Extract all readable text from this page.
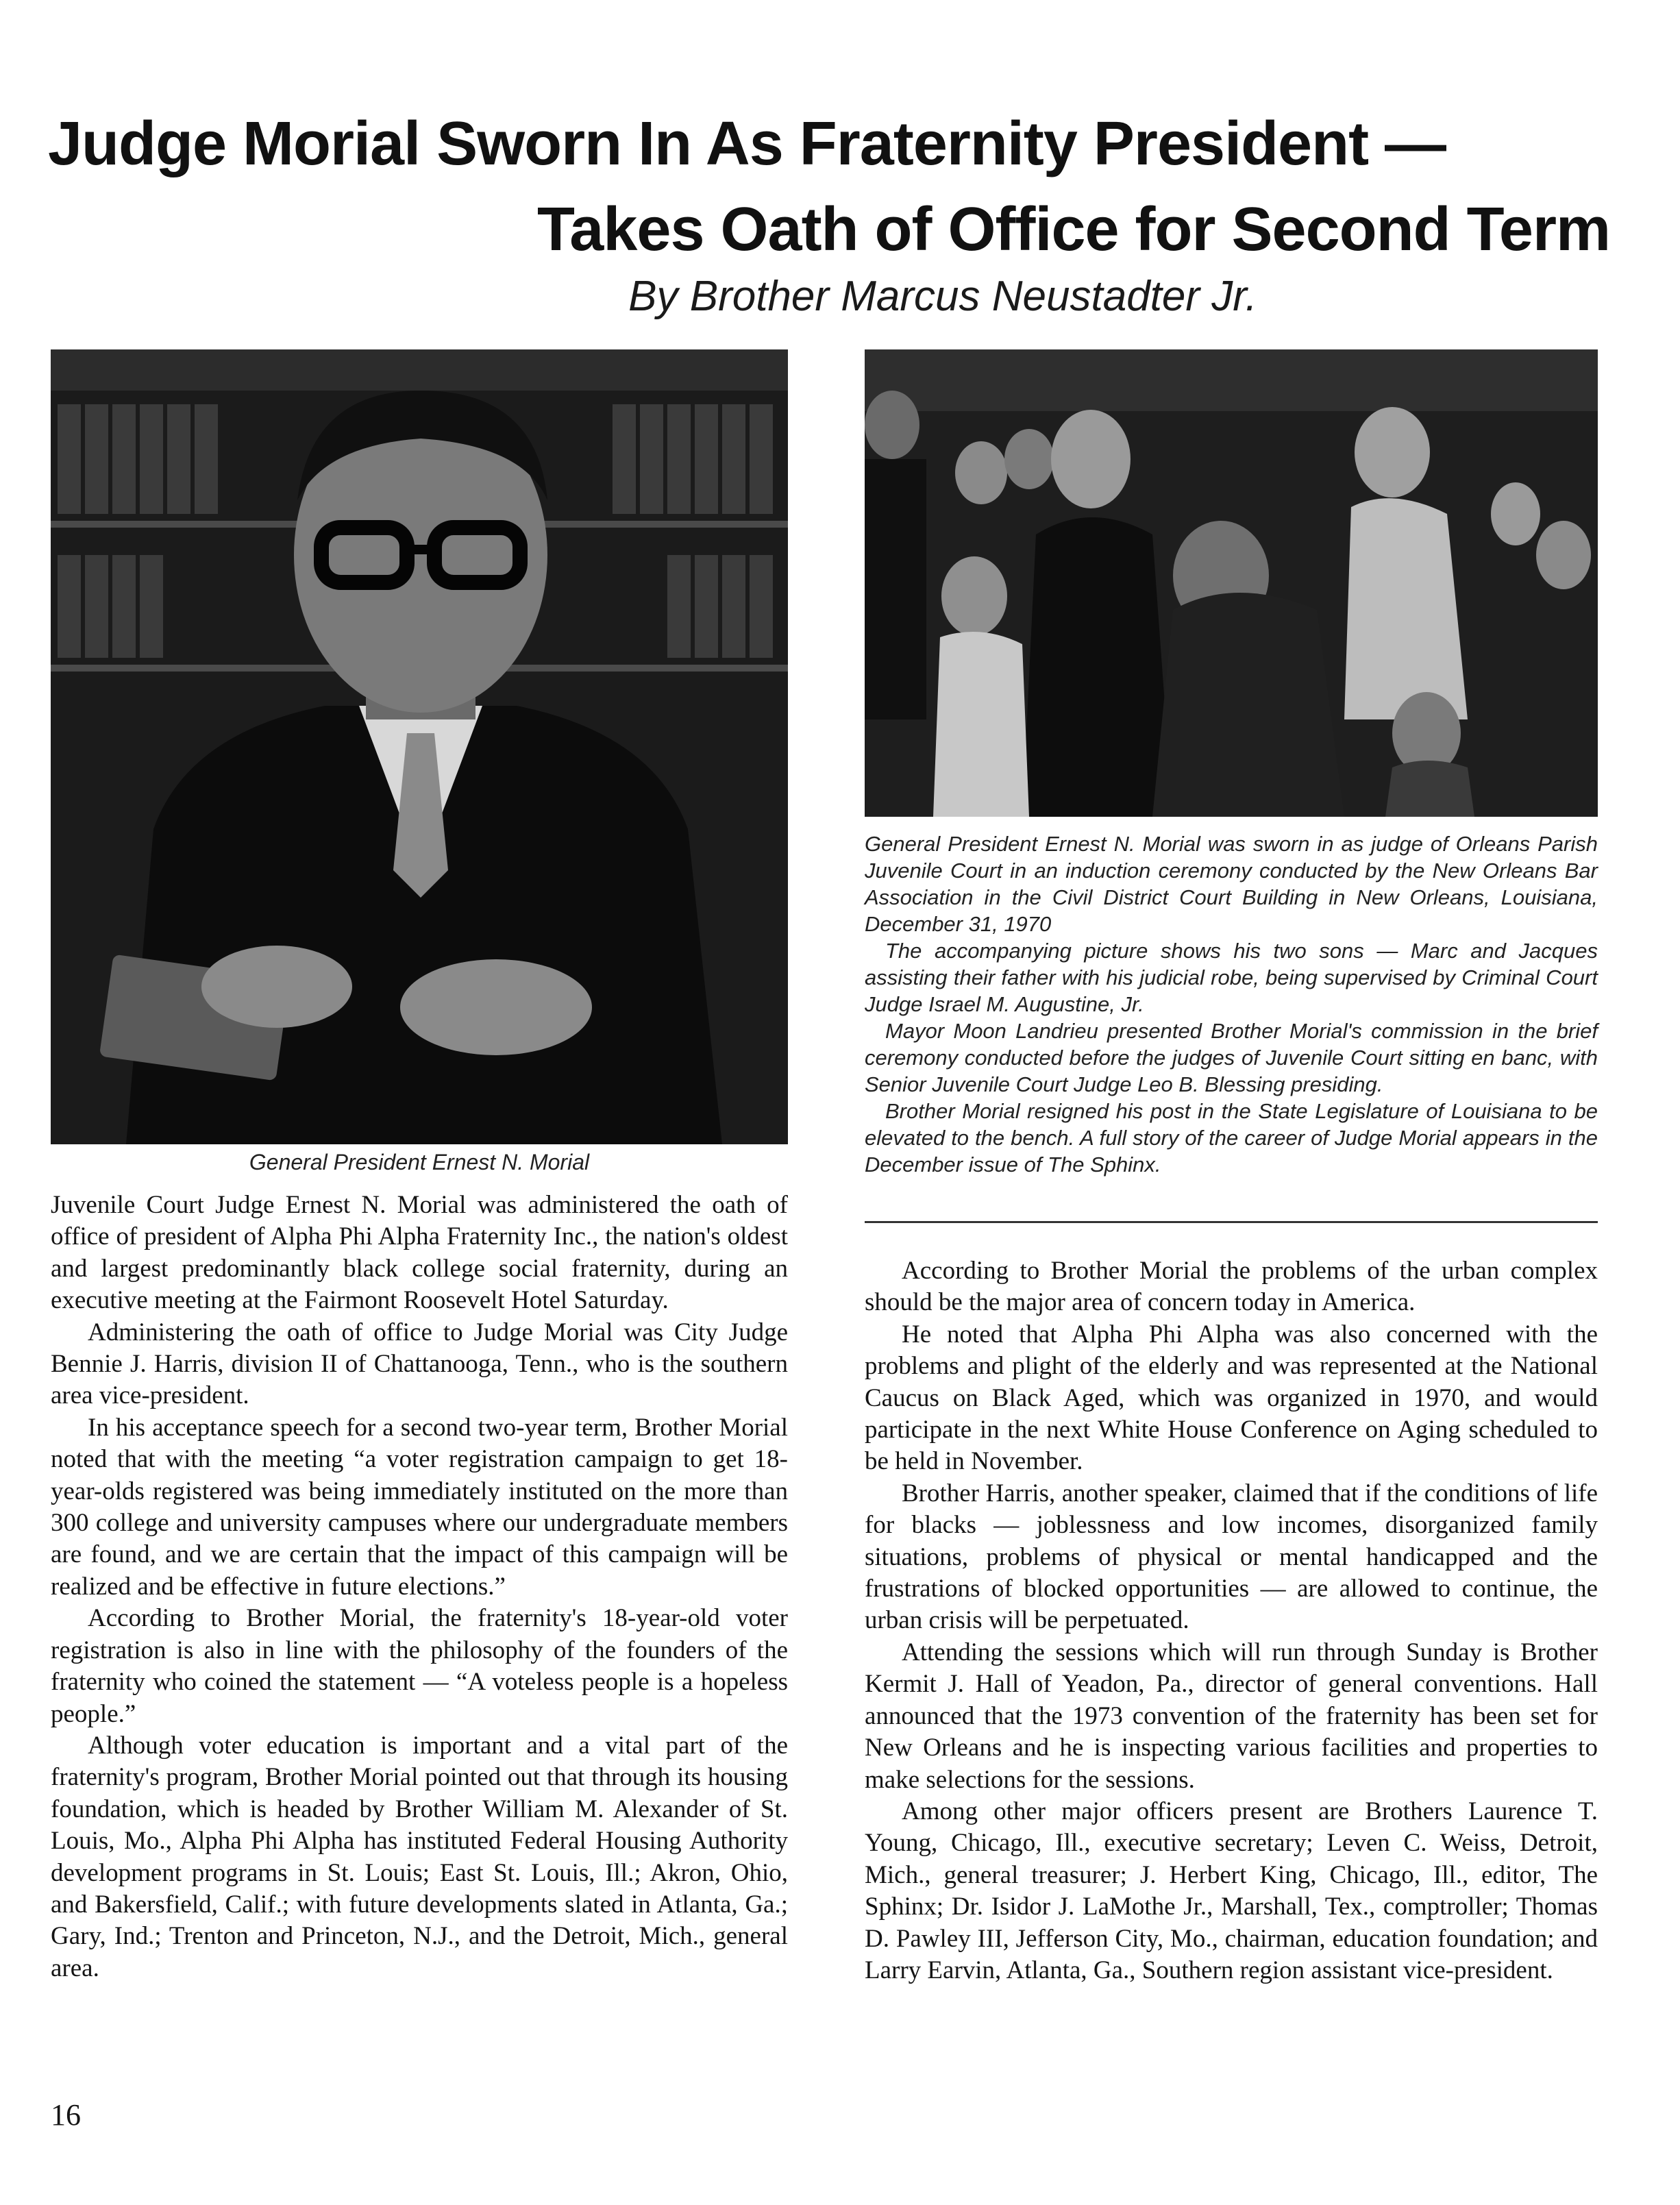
Judge Morial Sworn In As Fraternity President —
Takes Oath of Office for Second Term

By Brother Marcus Neustadter Jr.

General President Ernest N. Morial

General President Ernest N. Morial was sworn in as judge of Orleans Parish Juvenile Court in an induction ceremony conducted by the New Orleans Bar Association in the Civil District Court Building in New Orleans, Louisiana, December 31, 1970

The accompanying picture shows his two sons — Marc and Jacques assisting their father with his judicial robe, being supervised by Criminal Court Judge Israel M. Augustine, Jr.

Mayor Moon Landrieu presented Brother Morial's commission in the brief ceremony conducted before the judges of Juvenile Court sitting en banc, with Senior Juvenile Court Judge Leo B. Blessing presiding.

Brother Morial resigned his post in the State Legislature of Louisiana to be elevated to the bench. A full story of the career of Judge Morial appears in the December issue of The Sphinx.

Juvenile Court Judge Ernest N. Morial was administered the oath of office of president of Alpha Phi Alpha Fraternity Inc., the nation's oldest and largest predominantly black college social fraternity, during an executive meeting at the Fairmont Roosevelt Hotel Saturday.

Administering the oath of office to Judge Morial was City Judge Bennie J. Harris, division II of Chattanooga, Tenn., who is the southern area vice-president.

In his acceptance speech for a second two-year term, Brother Morial noted that with the meeting “a voter registration campaign to get 18-year-olds registered was being immediately instituted on the more than 300 college and university campuses where our undergraduate members are found, and we are certain that the impact of this campaign will be realized and be effective in future elections.”

According to Brother Morial, the fraternity's 18-year-old voter registration is also in line with the philosophy of the founders of the fraternity who coined the statement — “A voteless people is a hopeless people.”

Although voter education is important and a vital part of the fraternity's program, Brother Morial pointed out that through its housing foundation, which is headed by Brother William M. Alexander of St. Louis, Mo., Alpha Phi Alpha has instituted Federal Housing Authority development programs in St. Louis; East St. Louis, Ill.; Akron, Ohio, and Bakersfield, Calif.; with future developments slated in Atlanta, Ga.; Gary, Ind.; Trenton and Princeton, N.J., and the Detroit, Mich., general area.

According to Brother Morial the problems of the urban complex should be the major area of concern today in America.

He noted that Alpha Phi Alpha was also concerned with the problems and plight of the elderly and was represented at the National Caucus on Black Aged, which was organized in 1970, and would participate in the next White House Conference on Aging scheduled to be held in November.

Brother Harris, another speaker, claimed that if the conditions of life for blacks — joblessness and low incomes, disorganized family situations, problems of physical or mental handicapped and the frustrations of blocked opportunities — are allowed to continue, the urban crisis will be perpetuated.

Attending the sessions which will run through Sunday is Brother Kermit J. Hall of Yeadon, Pa., director of general conventions. Hall announced that the 1973 convention of the fraternity has been set for New Orleans and he is inspecting various facilities and properties to make selections for the sessions.

Among other major officers present are Brothers Laurence T. Young, Chicago, Ill., executive secretary; Leven C. Weiss, Detroit, Mich., general treasurer; J. Herbert King, Chicago, Ill., editor, The Sphinx; Dr. Isidor J. LaMothe Jr., Marshall, Tex., comptroller; Thomas D. Pawley III, Jefferson City, Mo., chairman, education foundation; and Larry Earvin, Atlanta, Ga., Southern region assistant vice-president.

16
